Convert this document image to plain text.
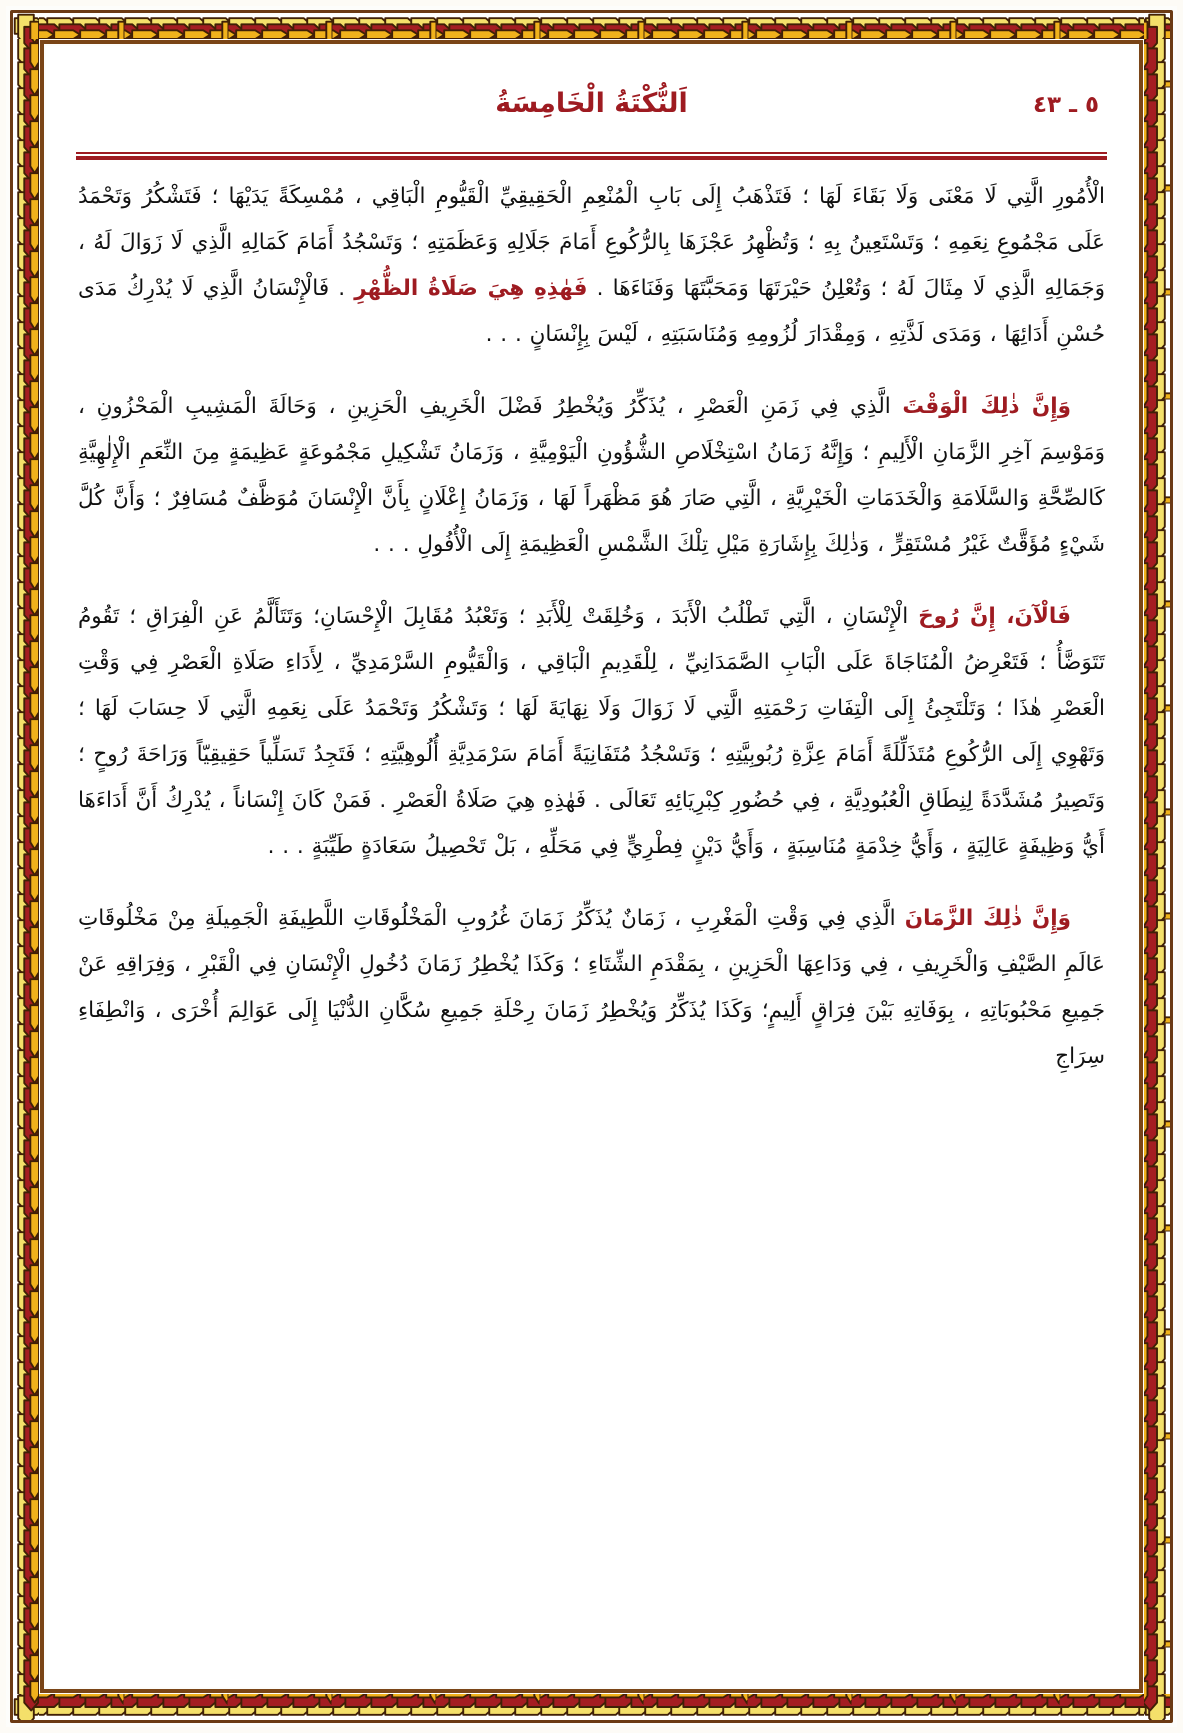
٥ ـ ٤٣
اَلنُّكْتَةُ الْخَامِسَةُ

الْأُمُورِ الَّتِي لَا مَعْنَى وَلَا بَقَاءَ لَهَا ؛ فَتَذْهَبُ إِلَى بَابِ الْمُنْعِمِ الْحَقِيقِيِّ الْقَيُّومِ الْبَاقِي ، مُمْسِكَةً يَدَيْهَا ؛ فَتَشْكُرُ وَتَحْمَدُ عَلَى مَجْمُوعِ نِعَمِهِ ؛ وَتَسْتَعِينُ بِهِ ؛ وَتُظْهِرُ عَجْزَهَا بِالرُّكُوعِ أَمَامَ جَلَالِهِ وَعَظَمَتِهِ ؛ وَتَسْجُدُ أَمَامَ كَمَالِهِ الَّذِي لَا زَوَالَ لَهُ ، وَجَمَالِهِ الَّذِي لَا مِثَالَ لَهُ ؛ وَتُعْلِنُ حَيْرَتَهَا وَمَحَبَّتَهَا وَفَنَاءَهَا . فَهٰذِهِ هِيَ صَلَاةُ الظُّهْرِ . فَالْإِنْسَانُ الَّذِي لَا يُدْرِكُ مَدَى حُسْنِ أَدَائِهَا ، وَمَدَى لَذَّتِهِ ، وَمِقْدَارَ لُزُومِهِ وَمُنَاسَبَتِهِ ، لَيْسَ بِإِنْسَانٍ . . .

وَإِنَّ ذٰلِكَ الْوَقْتَ الَّذِي فِي زَمَنِ الْعَصْرِ ، يُذَكِّرُ وَيُخْطِرُ فَضْلَ الْخَرِيفِ الْحَزِينِ ، وَحَالَةَ الْمَشِيبِ الْمَحْزُونِ ، وَمَوْسِمَ آخِرِ الزَّمَانِ الْأَلِيمِ ؛ وَإِنَّهُ زَمَانُ اسْتِخْلَاصِ الشُّؤُونِ الْيَوْمِيَّةِ ، وَزَمَانُ تَشْكِيلِ مَجْمُوعَةٍ عَظِيمَةٍ مِنَ النِّعَمِ الْإِلٰهِيَّةِ كَالصِّحَّةِ وَالسَّلَامَةِ وَالْخَدَمَاتِ الْخَيْرِيَّةِ ، الَّتِي صَارَ هُوَ مَظْهَراً لَهَا ، وَزَمَانُ إِعْلَانٍ بِأَنَّ الْإِنْسَانَ مُوَظَّفٌ مُسَافِرٌ ؛ وَأَنَّ كُلَّ شَيْءٍ مُؤَقَّتٌ غَيْرُ مُسْتَقِرٍّ ، وَذٰلِكَ بِإِشَارَةِ مَيْلِ تِلْكَ الشَّمْسِ الْعَظِيمَةِ إِلَى الْأُفُولِ . . .

فَالْآنَ، إِنَّ رُوحَ الْإِنْسَانِ ، الَّتِي تَطْلُبُ الْأَبَدَ ، وَخُلِقَتْ لِلْأَبَدِ ؛ وَتَعْبُدُ مُقَابِلَ الْإِحْسَانِ؛ وَتَتَأَلَّمُ عَنِ الْفِرَاقِ ؛ تَقُومُ تَتَوَضَّأُ ؛ فَتَعْرِضُ الْمُنَاجَاةَ عَلَى الْبَابِ الصَّمَدَانِيِّ ، لِلْقَدِيمِ الْبَاقِي ، وَالْقَيُّومِ السَّرْمَدِيِّ ، لِأَدَاءِ صَلَاةِ الْعَصْرِ فِي وَقْتِ الْعَصْرِ هٰذَا ؛ وَتَلْتَجِئُ إِلَى الْتِفَاتِ رَحْمَتِهِ الَّتِي لَا زَوَالَ وَلَا نِهَايَةَ لَهَا ؛ وَتَشْكُرُ وَتَحْمَدُ عَلَى نِعَمِهِ الَّتِي لَا حِسَابَ لَهَا ؛ وَتَهْوِي إِلَى الرُّكُوعِ مُتَذَلِّلَةً أَمَامَ عِزَّةِ رُبُوبِيَّتِهِ ؛ وَتَسْجُدُ مُتَفَانِيَةً أَمَامَ سَرْمَدِيَّةِ أُلُوهِيَّتِهِ ؛ فَتَجِدُ تَسَلِّياً حَقِيقِيّاً وَرَاحَةَ رُوحٍ ؛ وَتَصِيرُ مُشَدَّدَةً لِنِطَاقِ الْعُبُودِيَّةِ ، فِي حُضُورِ كِبْرِيَائِهِ تَعَالَى . فَهٰذِهِ هِيَ صَلَاةُ الْعَصْرِ . فَمَنْ كَانَ إِنْسَاناً ، يُدْرِكُ أَنَّ أَدَاءَهَا أَيُّ وَظِيفَةٍ عَالِيَةٍ ، وَأَيُّ خِدْمَةٍ مُنَاسِبَةٍ ، وَأَيُّ دَيْنٍ فِطْرِيٍّ فِي مَحَلِّهِ ، بَلْ تَحْصِيلُ سَعَادَةٍ طَيِّبَةٍ . . .

وَإِنَّ ذٰلِكَ الزَّمَانَ الَّذِي فِي وَقْتِ الْمَغْرِبِ ، زَمَانٌ يُذَكِّرُ زَمَانَ غُرُوبِ الْمَخْلُوقَاتِ اللَّطِيفَةِ الْجَمِيلَةِ مِنْ مَخْلُوقَاتِ عَالَمِ الصَّيْفِ وَالْخَرِيفِ ، فِي وَدَاعِهَا الْحَزِينِ ، بِمَقْدَمِ الشِّتَاءِ ؛ وَكَذَا يُخْطِرُ زَمَانَ دُخُولِ الْإِنْسَانِ فِي الْقَبْرِ ، وَفِرَاقِهِ عَنْ جَمِيعِ مَحْبُوبَاتِهِ ، بِوَفَاتِهِ بَيْنَ فِرَاقٍ أَلِيمٍ؛ وَكَذَا يُذَكِّرُ وَيُخْطِرُ زَمَانَ رِحْلَةِ جَمِيعِ سُكَّانِ الدُّنْيَا إِلَى عَوَالِمَ أُخْرَى ، وَانْطِفَاءِ سِرَاجِ
